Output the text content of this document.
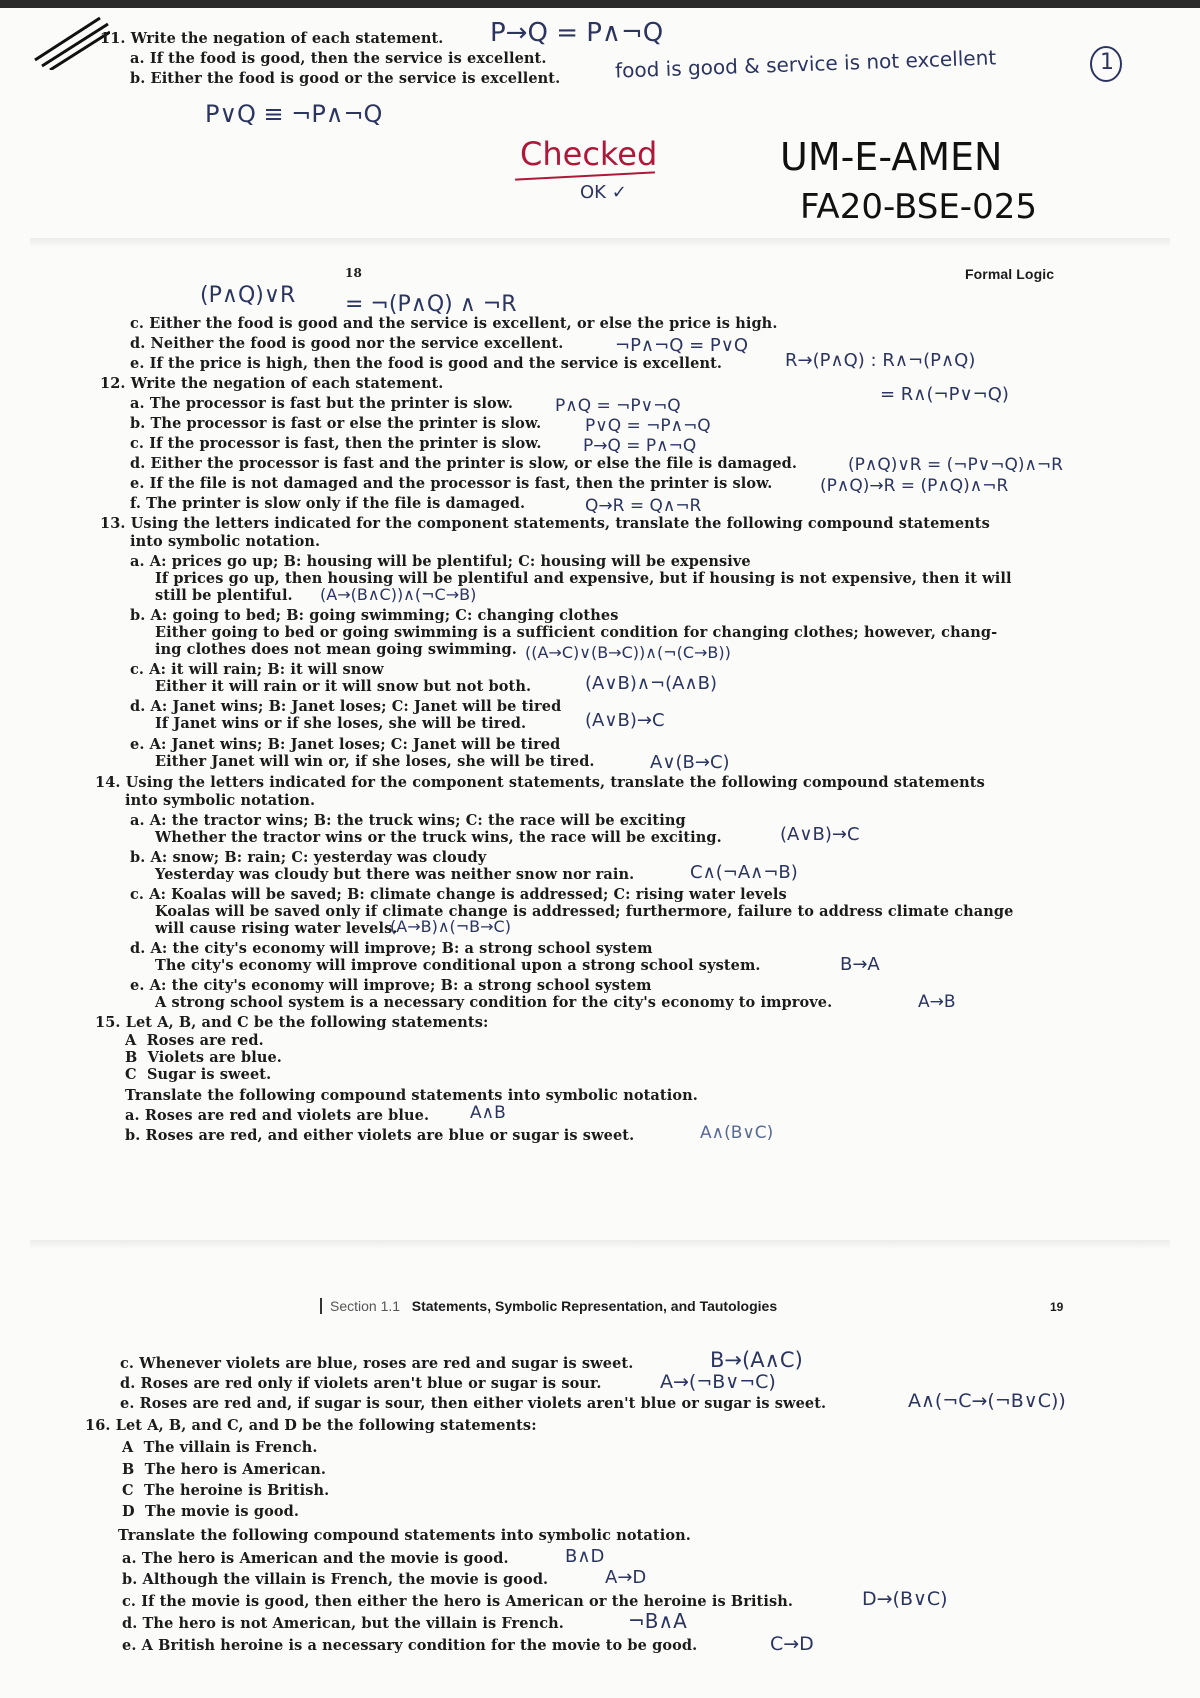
11. Write the negation of each statement.
a. If the food is good, then the service is excellent.
b. Either the food is good or the service is excellent.
P→Q = P∧¬Q
food is good & service is not excellent	1
P∨Q ≡ ¬P∧¬Q
Checked
OK ✓
UM-E-AMEN
FA20-BSE-025
18	Formal Logic
(P∧Q)∨R = ¬(P∧Q) ∧ ¬R
c. Either the food is good and the service is excellent, or else the price is high.
d. Neither the food is good nor the service excellent.	¬P∧¬Q = P∨Q
e. If the price is high, then the food is good and the service is excellent.	R→(P∧Q) : R∧¬(P∧Q)
= R∧(¬P∨¬Q)
12. Write the negation of each statement.
a. The processor is fast but the printer is slow. P∧Q = ¬P∨¬Q
b. The processor is fast or else the printer is slow.	P∨Q = ¬P∧¬Q
c. If the processor is fast, then the printer is slow. P→Q = P∧¬Q
d. Either the processor is fast and the printer is slow, or else the file is damaged.	(P∧Q)∨R = (¬P∨¬Q)∧¬R
e. If the file is not damaged and the processor is fast, then the printer is slow.	(P∧Q)→R = (P∧Q)∧¬R
f. The printer is slow only if the file is damaged.	Q→R = Q∧¬R
13. Using the letters indicated for the component statements, translate the following compound statements
into symbolic notation.
a. A: prices go up; B: housing will be plentiful; C: housing will be expensive
If prices go up, then housing will be plentiful and expensive, but if housing is not expensive, then it will
still be plentiful. (A→(B∧C))∧(¬C→B)
b. A: going to bed; B: going swimming; C: changing clothes
Either going to bed or going swimming is a sufficient condition for changing clothes; however, chang-
ing clothes does not mean going swimming. ((A→C)∨(B→C))∧(¬(C→B))
c. A: it will rain; B: it will snow
Either it will rain or it will snow but not both.	(A∨B)∧¬(A∧B)
d. A: Janet wins; B: Janet loses; C: Janet will be tired
If Janet wins or if she loses, she will be tired.	(A∨B)→C
e. A: Janet wins; B: Janet loses; C: Janet will be tired
Either Janet will win or, if she loses, she will be tired.	A∨(B→C)
14. Using the letters indicated for the component statements, translate the following compound statements
into symbolic notation.
a. A: the tractor wins; B: the truck wins; C: the race will be exciting
Whether the tractor wins or the truck wins, the race will be exciting.	(A∨B)→C
b. A: snow; B: rain; C: yesterday was cloudy
Yesterday was cloudy but there was neither snow nor rain.	C∧(¬A∧¬B)
c. A: Koalas will be saved; B: climate change is addressed; C: rising water levels
Koalas will be saved only if climate change is addressed; furthermore, failure to address climate change
will cause rising water levels.
(A→B)∧(¬B→C)
d. A: the city's economy will improve; B: a strong school system
The city's economy will improve conditional upon a strong school system.	B→A
e. A: the city's economy will improve; B: a strong school system
A strong school system is a necessary condition for the city's economy to improve.	A→B
15. Let A, B, and C be the following statements:
A Roses are red.
B Violets are blue.
C Sugar is sweet.
Translate the following compound statements into symbolic notation.
a. Roses are red and violets are blue. A∧B
b. Roses are red, and either violets are blue or sugar is sweet.	A∧(B∨C)
Section 1.1 Statements, Symbolic Representation, and Tautologies	19
c. Whenever violets are blue, roses are red and sugar is sweet.	B→(A∧C)
d. Roses are red only if violets aren't blue or sugar is sour.	A→(¬B∨¬C)
e. Roses are red and, if sugar is sour, then either violets aren't blue or sugar is sweet.	A∧(¬C→(¬B∨C))
16. Let A, B, and C, and D be the following statements:
A The villain is French.
B The hero is American.
C The heroine is British.
D The movie is good.
Translate the following compound statements into symbolic notation.
a. The hero is American and the movie is good.	B∧D
b. Although the villain is French, the movie is good.	A→D
c. If the movie is good, then either the hero is American or the heroine is British.	D→(B∨C)
d. The hero is not American, but the villain is French.	¬B∧A
e. A British heroine is a necessary condition for the movie to be good.	C→D
